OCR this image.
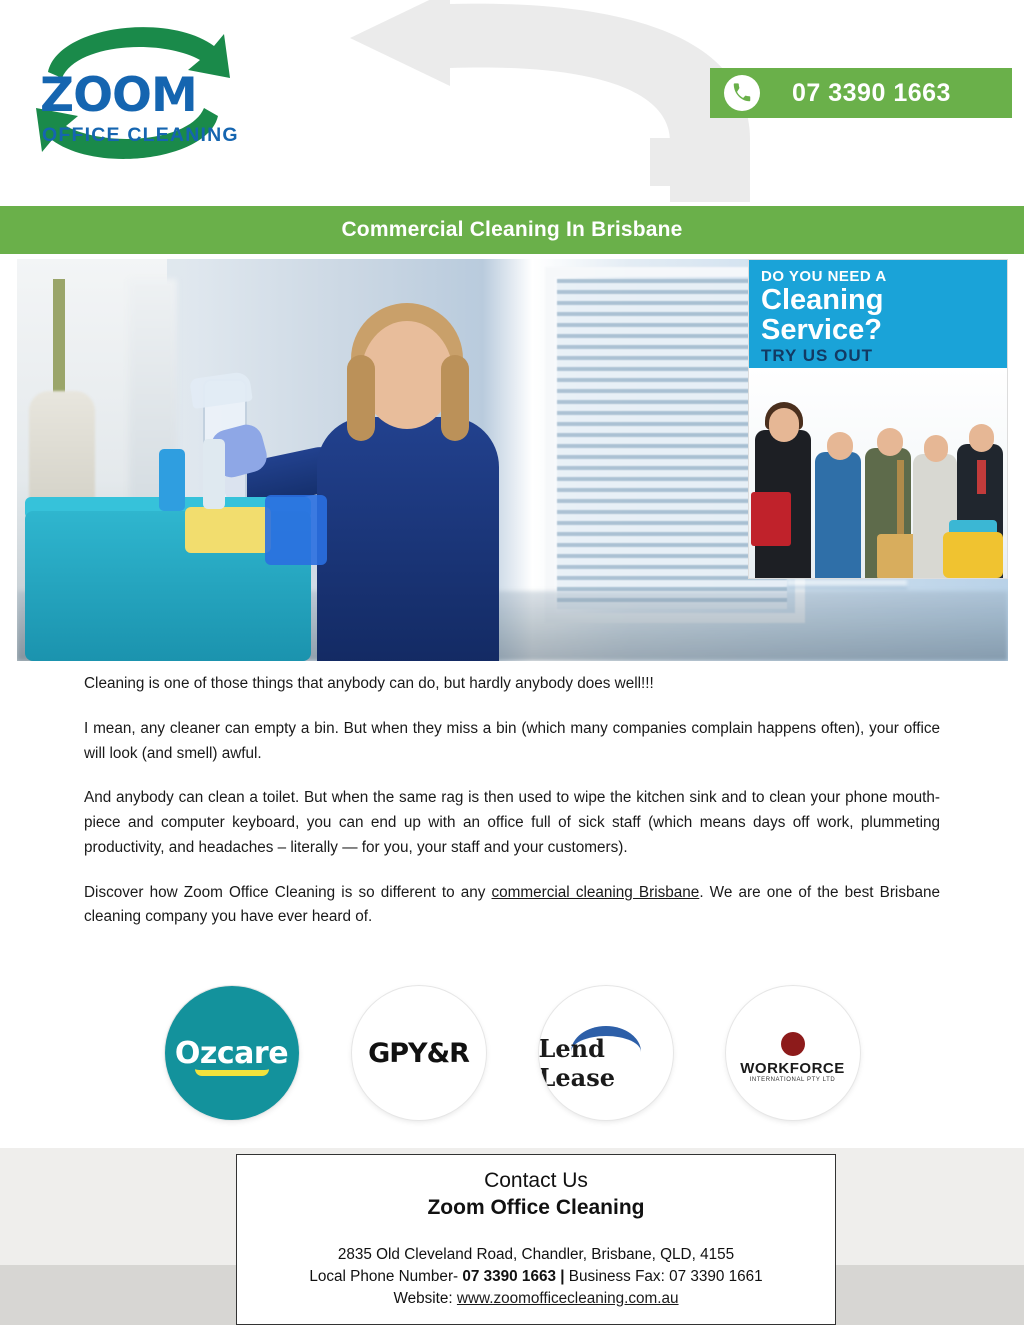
ZOOM
OFFICE CLEANING
07 3390 1663
Commercial Cleaning In Brisbane
DO YOU NEED A
Cleaning Service?
TRY US OUT

Cleaning is one of those things that anybody can do, but hardly anybody does well!!!

I mean, any cleaner can empty a bin. But when they miss a bin (which many companies complain happens often), your office will look (and smell) awful.

And anybody can clean a toilet. But when the same rag is then used to wipe the kitchen sink and to clean your phone mouth-piece and computer keyboard, you can end up with an office full of sick staff (which means days off work, plummeting productivity, and headaches – literally — for you, your staff and your customers).

Discover how Zoom Office Cleaning is so different to any commercial cleaning Brisbane. We are one of the best Brisbane cleaning company you have ever heard of.

Ozcare	GPY&R	Lend Lease	WORKFORCE
INTERNATIONAL PTY LTD
Contact Us
Zoom Office Cleaning
2835 Old Cleveland Road, Chandler, Brisbane, QLD, 4155
Local Phone Number- 07 3390 1663 | Business Fax: 07 3390 1661
Website: www.zoomofficecleaning.com.au
